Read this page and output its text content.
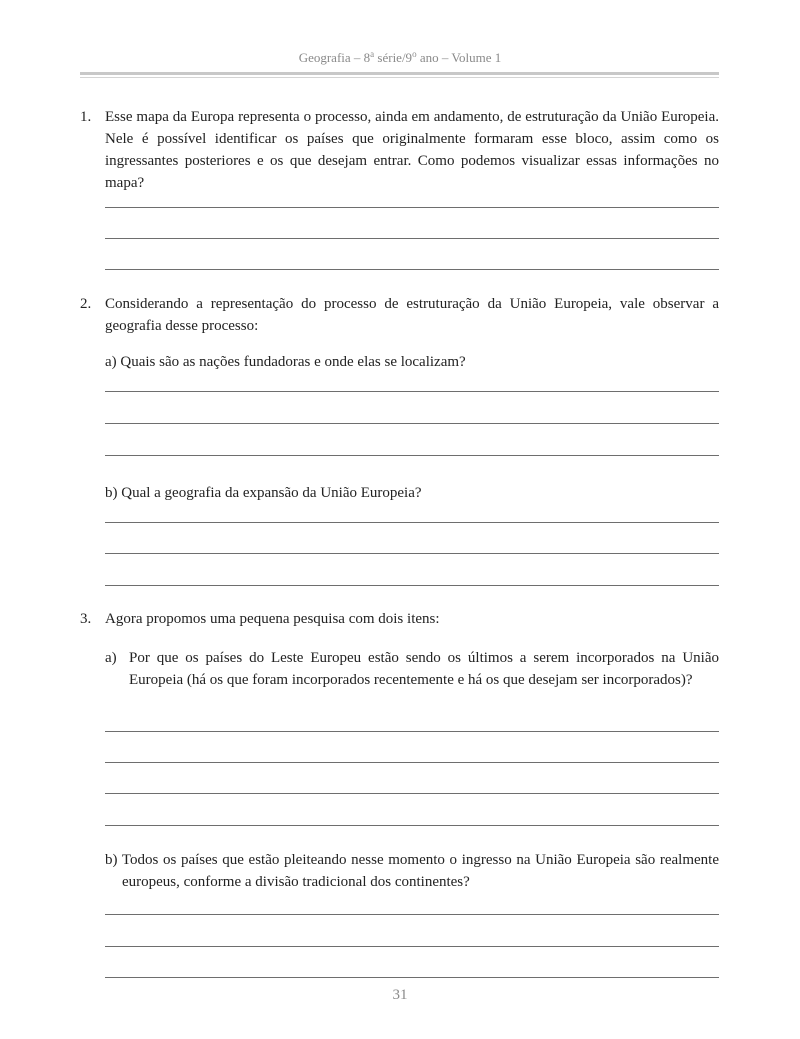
Geografia – 8$^a$ série/9$^o$ ano – Volume 1
1. Esse mapa da Europa representa o processo, ainda em andamento, de estruturação da União Europeia. Nele é possível identificar os países que originalmente formaram esse bloco, assim como os ingressantes posteriores e os que desejam entrar. Como podemos visualizar essas informações no mapa?
2. Considerando a representação do processo de estruturação da União Europeia, vale observar a geografia desse processo:
a) Quais são as nações fundadoras e onde elas se localizam?
b) Qual a geografia da expansão da União Europeia?
3. Agora propomos uma pequena pesquisa com dois itens:
a) Por que os países do Leste Europeu estão sendo os últimos a serem incorporados na União Europeia (há os que foram incorporados recentemente e há os que desejam ser incorporados)?
b) Todos os países que estão pleiteando nesse momento o ingresso na União Europeia são realmente europeus, conforme a divisão tradicional dos continentes?
31
